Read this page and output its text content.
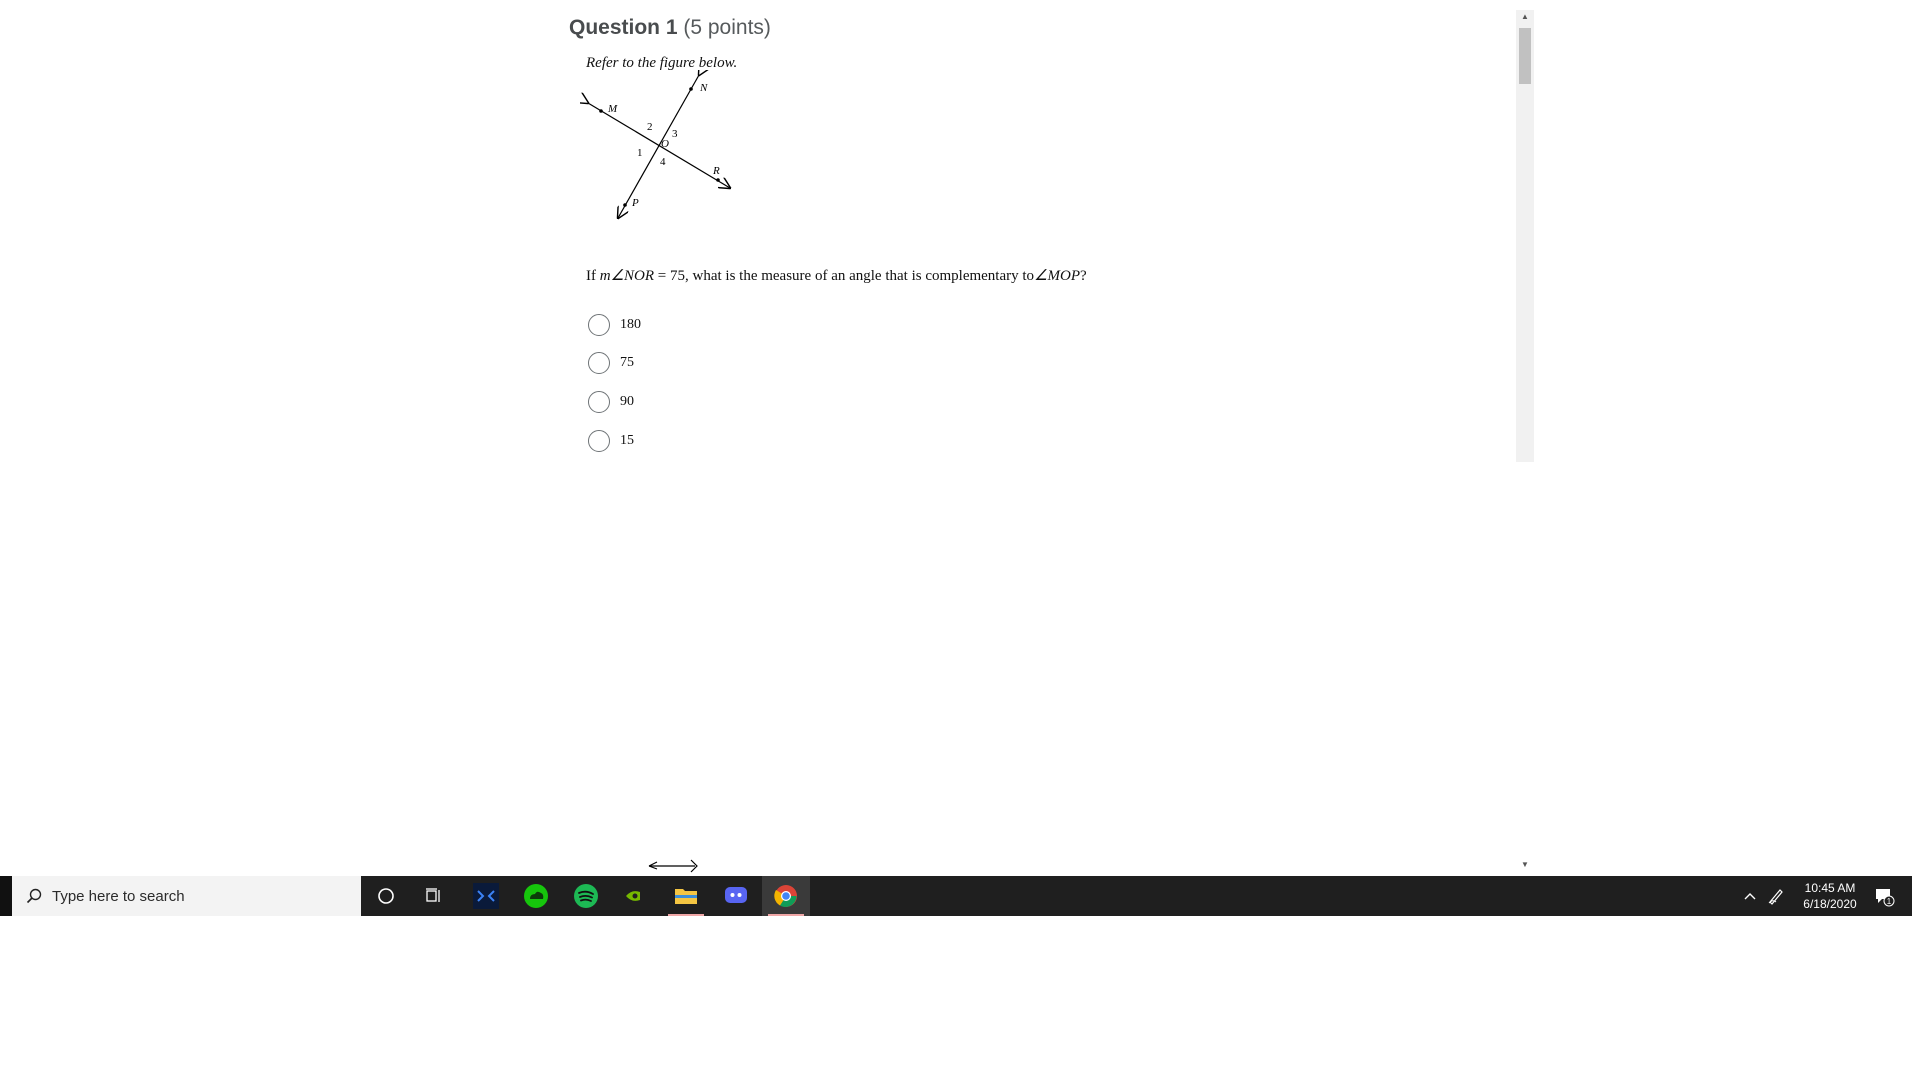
Question 1 (5 points)
Refer to the figure below.
M
N
O
R
P
1
2
3
4
If m∠NOR = 75, what is the measure of an angle that is complementary to∠MOP?
180
75
90
15
▲
▼
Type here to search	10:45 AM
6/18/2020	1
